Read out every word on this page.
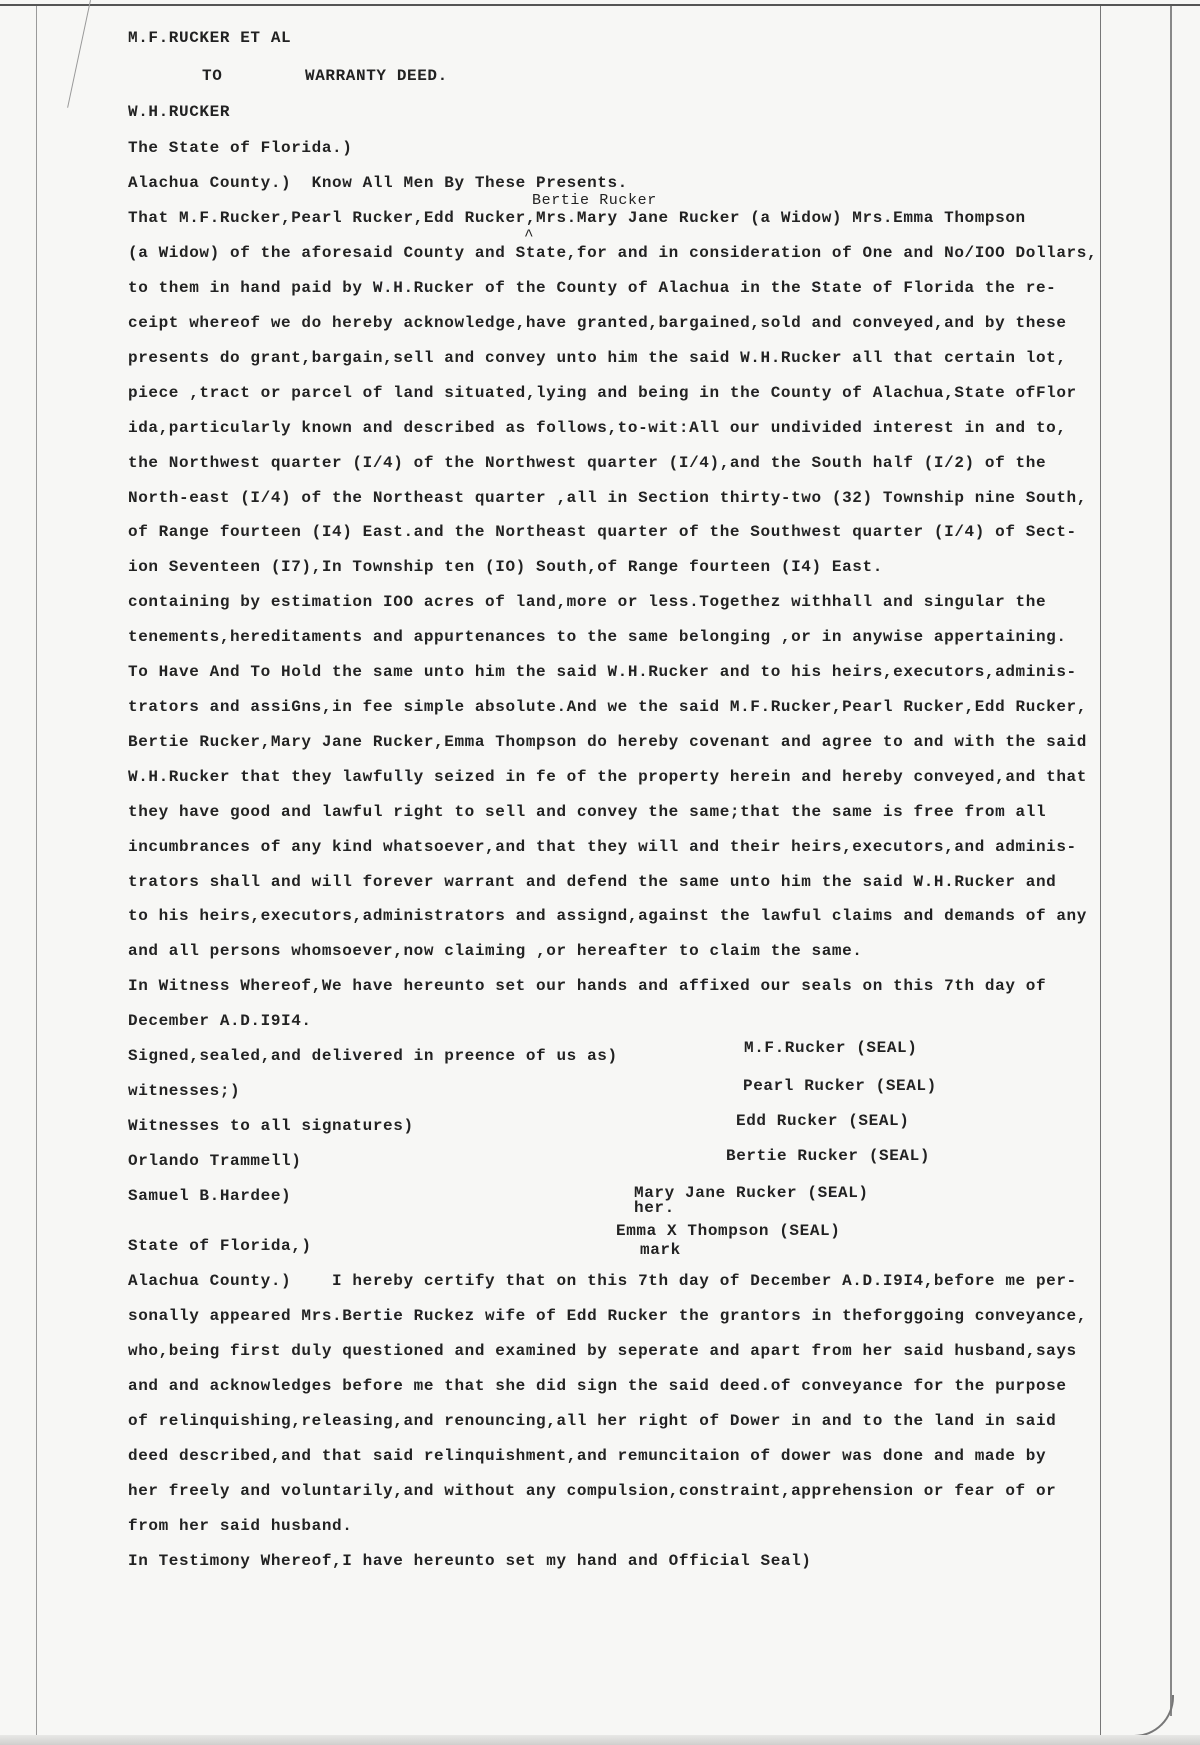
M.F.RUCKER ET AL
TO	WARRANTY DEED.
W.H.RUCKER
The State of Florida.)
Alachua County.)  Know All Men By These Presents.
Bertie Rucker
That M.F.Rucker,Pearl Rucker,Edd Rucker,Mrs.Mary Jane Rucker (a Widow) Mrs.Emma Thompson
^
(a Widow) of the aforesaid County and State,for and in consideration of One and No/IOO Dollars,
to them in hand paid by W.H.Rucker of the County of Alachua in the State of Florida the re-
ceipt whereof we do hereby acknowledge,have granted,bargained,sold and conveyed,and by these
presents do grant,bargain,sell and convey unto him the said W.H.Rucker all that certain lot,
piece ,tract or parcel of land situated,lying and being in the County of Alachua,State ofFlor
ida,particularly known and described as follows,to-wit:All our undivided interest in and to,
the Northwest quarter (I/4) of the Northwest quarter (I/4),and the South half (I/2) of the
North-east (I/4) of the Northeast quarter ,all in Section thirty-two (32) Township nine South,
of Range fourteen (I4) East.and the Northeast quarter of the Southwest quarter (I/4) of Sect-
ion Seventeen (I7),In Township ten (IO) South,of Range fourteen (I4) East.
containing by estimation IOO acres of land,more or less.Togethez withhall and singular the
tenements,hereditaments and appurtenances to the same belonging ,or in anywise appertaining.
To Have And To Hold the same unto him the said W.H.Rucker and to his heirs,executors,adminis-
trators and assiGns,in fee simple absolute.And we the said M.F.Rucker,Pearl Rucker,Edd Rucker,
Bertie Rucker,Mary Jane Rucker,Emma Thompson do hereby covenant and agree to and with the said
W.H.Rucker that they lawfully seized in fe of the property herein and hereby conveyed,and that
they have good and lawful right to sell and convey the same;that the same is free from all
incumbrances of any kind whatsoever,and that they will and their heirs,executors,and adminis-
trators shall and will forever warrant and defend the same unto him the said W.H.Rucker and
to his heirs,executors,administrators and assignd,against the lawful claims and demands of any
and all persons whomsoever,now claiming ,or hereafter to claim the same.
In Witness Whereof,We have hereunto set our hands and affixed our seals on this 7th day of
December A.D.I9I4.
Signed,sealed,and delivered in preence of us as)
witnesses;)
Witnesses to all signatures)
Orlando Trammell)
Samuel B.Hardee)
M.F.Rucker (SEAL)
Pearl Rucker (SEAL)
Edd Rucker (SEAL)
Bertie Rucker (SEAL)
Mary Jane Rucker (SEAL)
her.
Emma X Thompson (SEAL)
mark
State of Florida,)
Alachua County.)    I hereby certify that on this 7th day of December A.D.I9I4,before me per-
sonally appeared Mrs.Bertie Ruckez wife of Edd Rucker the grantors in theforggoing conveyance,
who,being first duly questioned and examined by seperate and apart from her said husband,says
and and acknowledges before me that she did sign the said deed.of conveyance for the purpose
of relinquishing,releasing,and renouncing,all her right of Dower in and to the land in said
deed described,and that said relinquishment,and remuncitaion of dower was done and made by
her freely and voluntarily,and without any compulsion,constraint,apprehension or fear of or
from her said husband.
In Testimony Whereof,I have hereunto set my hand and Official Seal)
